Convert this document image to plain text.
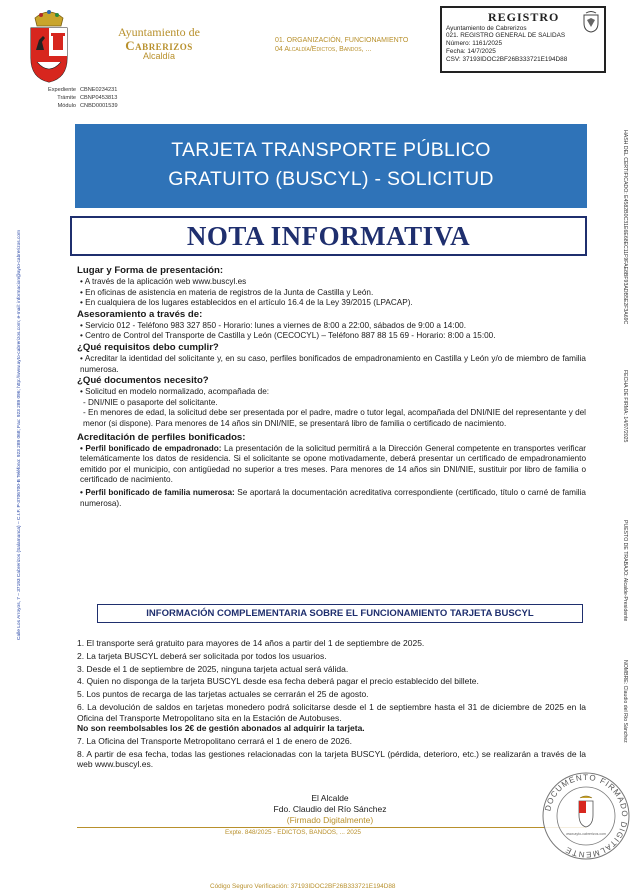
Ayuntamiento de
Cabrerizos
Alcaldía
01. ORGANIZACIÓN, FUNCIONAMIENTO
04 Alcaldía/Edictos, Bandos, ...
REGISTRO
Ayuntamiento de Cabrerizos
021. REGISTRO GENERAL DE SALIDAS
Número: 1161/2025
Fecha: 14/7/2025
CSV: 37193IDOC2BF26B333721E194D88
Expediente CBNE0234231
Trámite CBNP0453813
Módulo CNBD0001539
Calle Los Arroyos, 7 – 37193 Cabrerizos (Salamanca) – C.I.F. P-3706700-B Teléfono: 923 289 068; Fax: 923 289 096; http://www.ayto-cabrerizos.com; e-mail: informacion@ayto-cabrerizos.com
HASH DEL CERTIFICADO: E4582B0C31E6E68EC11F9FAE8BF93ADB5E2F3A69C
FECHA DE FIRMA: 14/07/2025
PUESTO DE TRABAJO: Alcalde-Presidente
NOMBRE: Claudio del Río Sánchez
TARJETA TRANSPORTE PÚBLICO
GRATUITO (BUSCYL) - SOLICITUD
NOTA INFORMATIVA

Lugar y Forma de presentación:

• A través de la aplicación web www.buscyl.es

• En oficinas de asistencia en materia de registros de la Junta de Castilla y León.

• En cualquiera de los lugares establecidos en el artículo 16.4 de la Ley 39/2015 (LPACAP).

Asesoramiento a través de:

• Servicio 012 - Teléfono 983 327 850 - Horario: lunes a viernes de 8:00 a 22:00, sábados de 9:00 a 14:00.

• Centro de Control del Transporte de Castilla y León (CECOCYL) – Teléfono 887 88 15 69 - Horario: 8:00 a 15:00.

¿Qué requisitos debo cumplir?

• Acreditar la identidad del solicitante y, en su caso, perfiles bonificados de empadronamiento en Castilla y León y/o de miembro de familia numerosa.

¿Qué documentos necesito?

• Solicitud en modelo normalizado, acompañada de:

- DNI/NIE o pasaporte del solicitante.

- En menores de edad, la solicitud debe ser presentada por el padre, madre o tutor legal, acompañada del DNI/NIE del representante y del menor (si dispone). Para menores de 14 años sin DNI/NIE, se presentará libro de familia o certificado de nacimiento.

Acreditación de perfiles bonificados:

• Perfil bonificado de empadronado: La presentación de la solicitud permitirá a la Dirección General competente en transportes verificar telemáticamente los datos de residencia. Si el solicitante se opone motivadamente, deberá presentar un certificado de empadronamiento emitido por el municipio, con antigüedad no superior a tres meses. Para menores de 14 años sin DNI/NIE, sustituir por libro de familia o certificado de nacimiento.

• Perfil bonificado de familia numerosa: Se aportará la documentación acreditativa correspondiente (certificado, título o carné de familia numerosa).

INFORMACIÓN COMPLEMENTARIA SOBRE EL FUNCIONAMIENTO TARJETA BUSCYL

1. El transporte será gratuito para mayores de 14 años a partir del 1 de septiembre de 2025.

2. La tarjeta BUSCYL deberá ser solicitada por todos los usuarios.

3. Desde el 1 de septiembre de 2025, ninguna tarjeta actual será válida.

4. Quien no disponga de la tarjeta BUSCYL desde esa fecha deberá pagar el precio establecido del billete.

5. Los puntos de recarga de las tarjetas actuales se cerrarán el 25 de agosto.

6. La devolución de saldos en tarjetas monedero podrá solicitarse desde el 1 de septiembre hasta el 31 de diciembre de 2025 en la Oficina del Transporte Metropolitano sita en la Estación de Autobuses.

No son reembolsables los 2€ de gestión abonados al adquirir la tarjeta.

7. La Oficina del Transporte Metropolitano cerrará el 1 de enero de 2026.

8. A partir de esa fecha, todas las gestiones relacionadas con la tarjeta BUSCYL (pérdida, deterioro, etc.) se realizarán a través de la web www.buscyl.es.

El Alcalde
Fdo. Claudio del Río Sánchez
(Firmado Digitalmente)
Expte. 848/2025 - EDICTOS, BANDOS, ... 2025
Código Seguro Verificación: 37193IDOC2BF26B333721E194D88
DOCUMENTO FIRMADO DIGITALMENTE
www.ayto-cabrerizos.com
